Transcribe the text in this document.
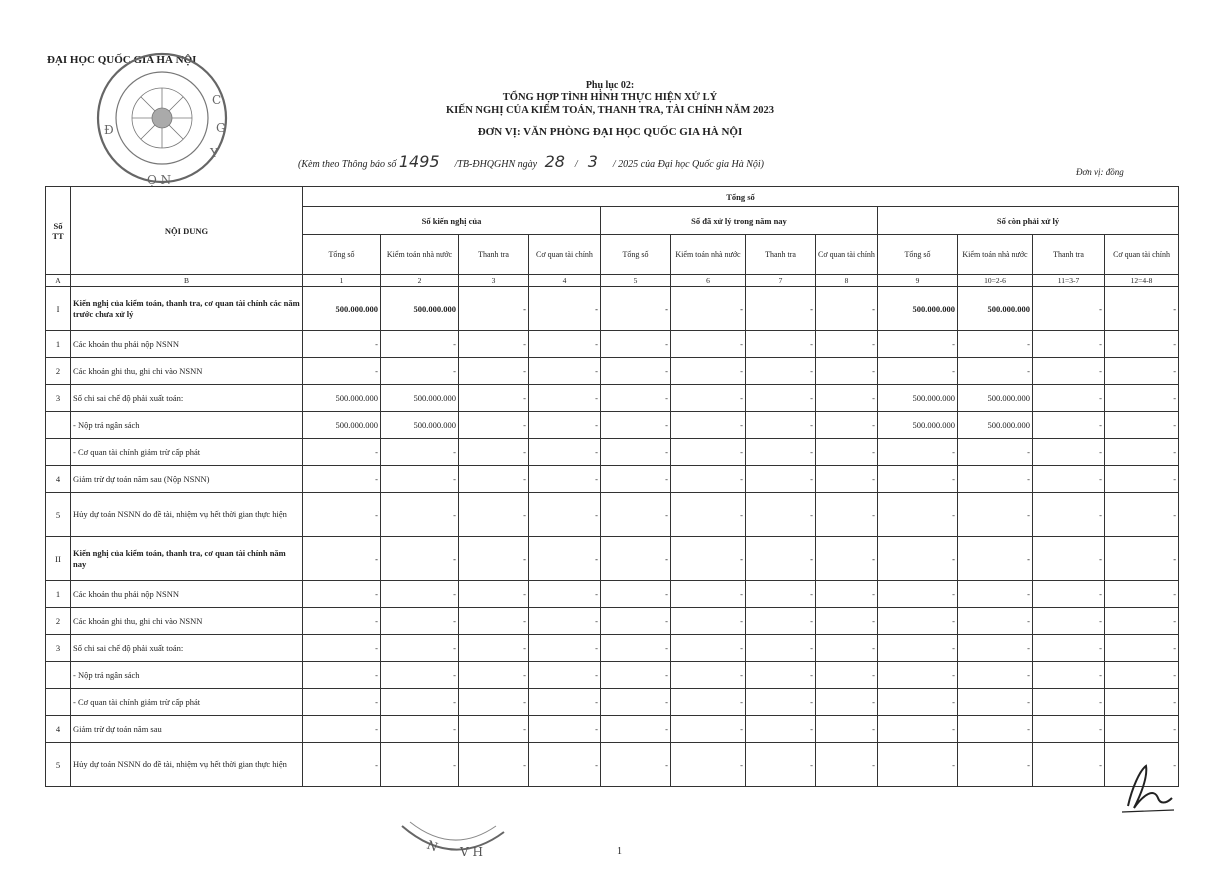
ĐẠI HỌC QUỐC GIA HÀ NỘI
C
G
Y
Đ
Ọ N
Phụ lục 02:
TỔNG HỢP TÌNH HÌNH THỰC HIỆN XỬ LÝ
KIẾN NGHỊ CỦA KIỂM TOÁN, THANH TRA, TÀI CHÍNH NĂM 2023
ĐƠN VỊ: VĂN PHÒNG ĐẠI HỌC QUỐC GIA HÀ NỘI
(Kèm theo Thông báo số 1495 /TB-ĐHQGHN ngày 28 / 3 / 2025 của Đại học Quốc gia Hà Nội)
Đơn vị: đồng
Số TT	NỘI DUNG	Tổng số											
		Số kiến nghị của				Số đã xử lý trong năm nay				Số còn phải xử lý			
		Tổng số	Kiểm toán nhà nước	Thanh tra	Cơ quan tài chính	Tổng số	Kiểm toán nhà nước	Thanh tra	Cơ quan tài chính	Tổng số	Kiểm toán nhà nước	Thanh tra	Cơ quan tài chính
A	B	1	2	3	4	5	6	7	8	9	10=2-6	11=3-7	12=4-8
I	Kiến nghị của kiểm toán, thanh tra, cơ quan tài chính các năm trước chưa xử lý	500.000.000	500.000.000	-	-	-	-	-	-	500.000.000	500.000.000	-	-
1	Các khoản thu phải nộp NSNN	-	-	-	-	-	-	-	-	-	-	-	-
2	Các khoản ghi thu, ghi chi vào NSNN	-	-	-	-	-	-	-	-	-	-	-	-
3	Số chi sai chế độ phải xuất toán:	500.000.000	500.000.000	-	-	-	-	-	-	500.000.000	500.000.000	-	-
	- Nộp trả ngân sách	500.000.000	500.000.000	-	-	-	-	-	-	500.000.000	500.000.000	-	-
	- Cơ quan tài chính giảm trừ cấp phát	-	-	-	-	-	-	-	-	-	-	-	-
4	Giảm trừ dự toán năm sau (Nộp NSNN)	-	-	-	-	-	-	-	-	-	-	-	-
5	Hủy dự toán NSNN do đề tài, nhiệm vụ hết thời gian thực hiện	-	-	-	-	-	-	-	-	-	-	-	-
II	Kiến nghị của kiểm toán, thanh tra, cơ quan tài chính năm nay	-	-	-	-	-	-	-	-	-	-	-	-
1	Các khoản thu phải nộp NSNN	-	-	-	-	-	-	-	-	-	-	-	-
2	Các khoản ghi thu, ghi chi vào NSNN	-	-	-	-	-	-	-	-	-	-	-	-
3	Số chi sai chế độ phải xuất toán:	-	-	-	-	-	-	-	-	-	-	-	-
	- Nộp trả ngân sách	-	-	-	-	-	-	-	-	-	-	-	-
	- Cơ quan tài chính giảm trừ cấp phát	-	-	-	-	-	-	-	-	-	-	-	-
4	Giảm trừ dự toán năm sau	-	-	-	-	-	-	-	-	-	-	-	-
5	Hủy dự toán NSNN do đề tài, nhiệm vụ hết thời gian thực hiện	-	-	-	-	-	-	-	-	-	-	-	-
1
N V H
